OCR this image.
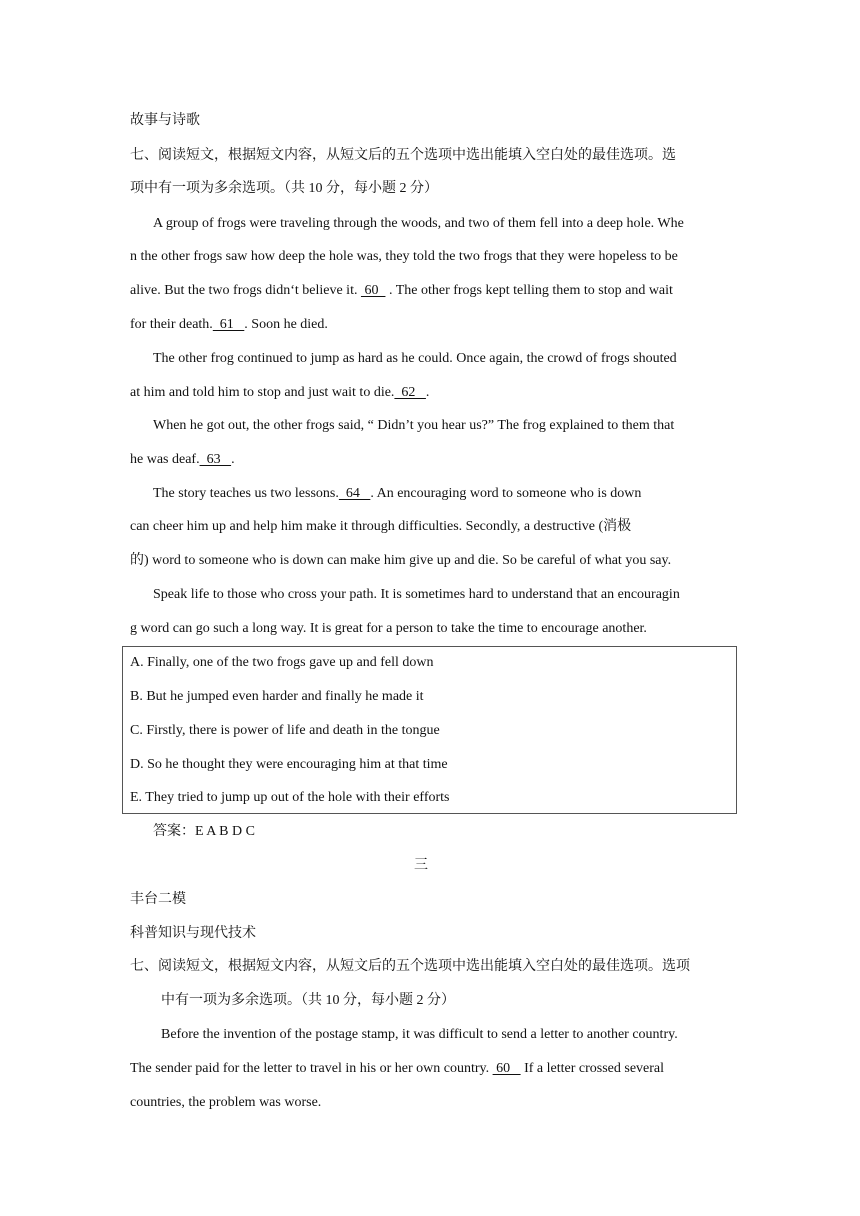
故事与诗歌
七、阅读短文，根据短文内容，从短文后的五个选项中选出能填入空白处的最佳选项。选
项中有一项为多余选项。（共 10 分，每小题 2 分）
A group of frogs were traveling through the woods, and two of them fell into a deep hole. Whe
n the other frogs saw how deep the hole was, they told the two frogs that they were hopeless to be
alive. But the two frogs didn‘t believe it.  60   . The other frogs kept telling them to stop and wait
for their death.  61   . Soon he died.
The other frog continued to jump as hard as he could. Once again, the crowd of frogs shouted
at him and told him to stop and just wait to die.  62   .
When he got out, the other frogs said, “ Didn’t you hear us?” The frog explained to them that
he was deaf.  63   .
The story teaches us two lessons.  64   . An encouraging word to someone who is down
can cheer him up and help him make it through difficulties. Secondly, a destructive (消极
的) word to someone who is down can make him give up and die. So be careful of what you say.
Speak life to those who cross your path. It is sometimes hard to understand that an encouragin
g word can go such a long way. It is great for a person to take the time to encourage another.
A. Finally, one of the two frogs gave up and fell down
B. But he jumped even harder and finally he made it
C. Firstly, there is power of life and death in the tongue
D. So he thought they were encouraging him at that time
E. They tried to jump up out of the hole with their efforts
答案：E A B D C
三
丰台二模
科普知识与现代技术
七、阅读短文，根据短文内容，从短文后的五个选项中选出能填入空白处的最佳选项。选项
中有一项为多余选项。（共 10 分，每小题 2 分）
Before the invention of the postage stamp, it was difficult to send a letter to another country.
The sender paid for the letter to travel in his or her own country.  60    If a letter crossed several
countries, the problem was worse.
